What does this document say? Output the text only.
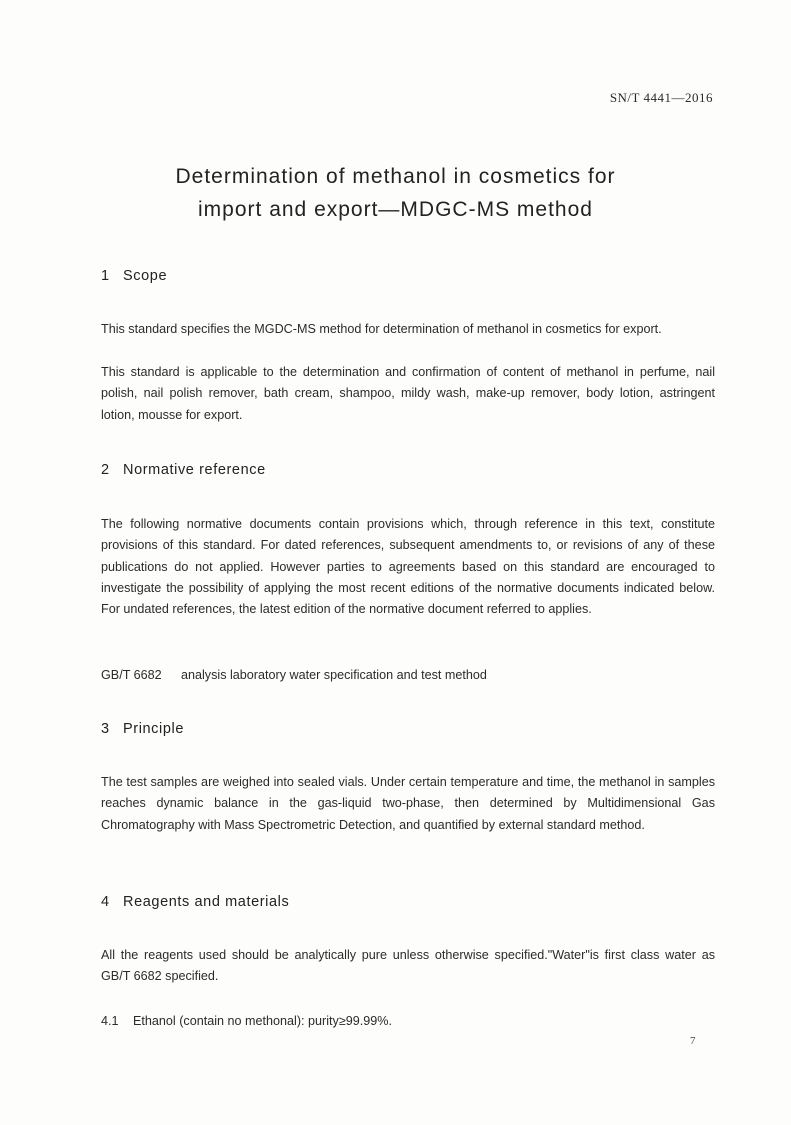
SN/T 4441—2016
Determination of methanol in cosmetics for
import and export—MDGC-MS method
1 Scope
This standard specifies the MGDC-MS method for determination of methanol in cosmetics for export.
This standard is applicable to the determination and confirmation of content of methanol in perfume, nail polish, nail polish remover, bath cream, shampoo, mildy wash, make-up remover, body lotion, astringent lotion, mousse for export.
2 Normative reference
The following normative documents contain provisions which, through reference in this text, constitute provisions of this standard. For dated references, subsequent amendments to, or revisions of any of these publications do not applied. However parties to agreements based on this standard are encouraged to investigate the possibility of applying the most recent editions of the normative documents indicated below. For undated references, the latest edition of the normative document referred to applies.
GB/T 6682 analysis laboratory water specification and test method
3 Principle
The test samples are weighed into sealed vials. Under certain temperature and time, the methanol in samples reaches dynamic balance in the gas-liquid two-phase, then determined by Multidimensional Gas Chromatography with Mass Spectrometric Detection, and quantified by external standard method.
4 Reagents and materials
All the reagents used should be analytically pure unless otherwise specified."Water"is first class water as GB/T 6682 specified.
4.1 Ethanol (contain no methonal): purity≥99.99%.
7
